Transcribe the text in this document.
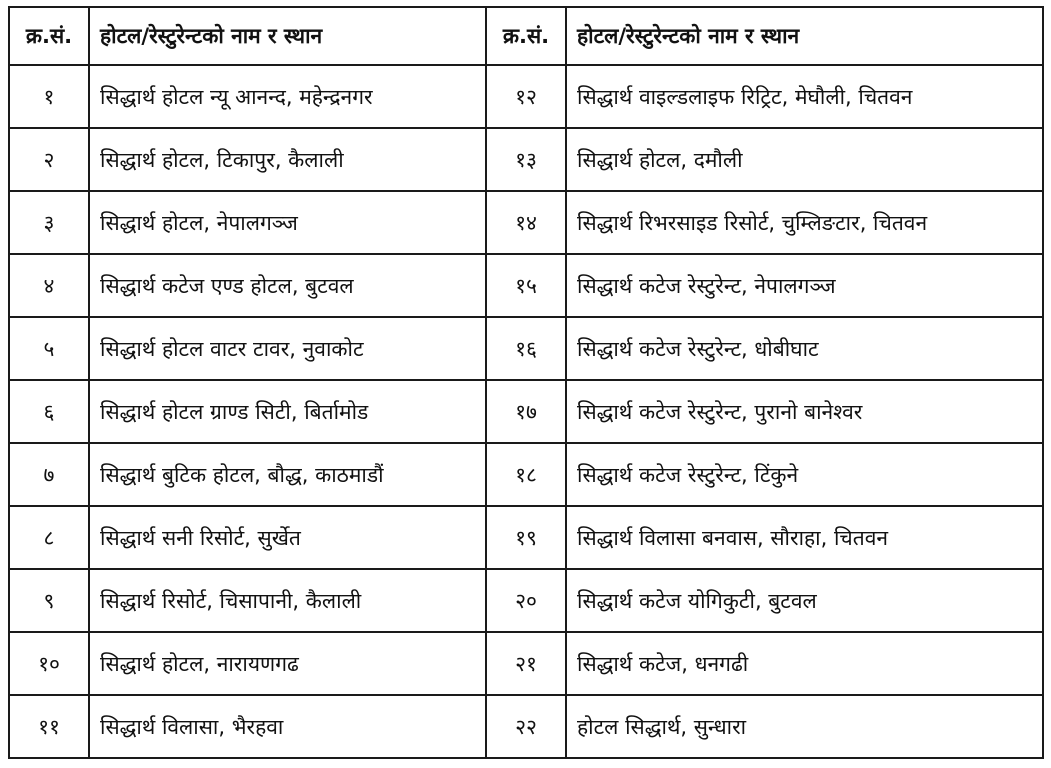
क्र.सं.	होटल/रेस्टुरेन्टको नाम र स्थान	क्र.सं.	होटल/रेस्टुरेन्टको नाम र स्थान
१	सिद्धार्थ होटल न्यू आनन्द, महेन्द्रनगर	१२	सिद्धार्थ वाइल्डलाइफ रिट्रिट, मेघौली, चितवन
२	सिद्धार्थ होटल, टिकापुर, कैलाली	१३	सिद्धार्थ होटल, दमौली
३	सिद्धार्थ होटल, नेपालगञ्ज	१४	सिद्धार्थ रिभरसाइड रिसोर्ट, चुम्लिङटार, चितवन
४	सिद्धार्थ कटेज एण्ड होटल, बुटवल	१५	सिद्धार्थ कटेज रेस्टुरेन्ट, नेपालगञ्ज
५	सिद्धार्थ होटल वाटर टावर, नुवाकोट	१६	सिद्धार्थ कटेज रेस्टुरेन्ट, धोबीघाट
६	सिद्धार्थ होटल ग्राण्ड सिटी, बिर्तामोड	१७	सिद्धार्थ कटेज रेस्टुरेन्ट, पुरानो बानेश्वर
७	सिद्धार्थ बुटिक होटल, बौद्ध, काठमाडौं	१८	सिद्धार्थ कटेज रेस्टुरेन्ट, टिंकुने
८	सिद्धार्थ सनी रिसोर्ट, सुर्खेत	१९	सिद्धार्थ विलासा बनवास, सौराहा, चितवन
९	सिद्धार्थ रिसोर्ट, चिसापानी, कैलाली	२०	सिद्धार्थ कटेज योगिकुटी, बुटवल
१०	सिद्धार्थ होटल, नारायणगढ	२१	सिद्धार्थ कटेज, धनगढी
११	सिद्धार्थ विलासा, भैरहवा	२२	होटल सिद्धार्थ, सुन्धारा
